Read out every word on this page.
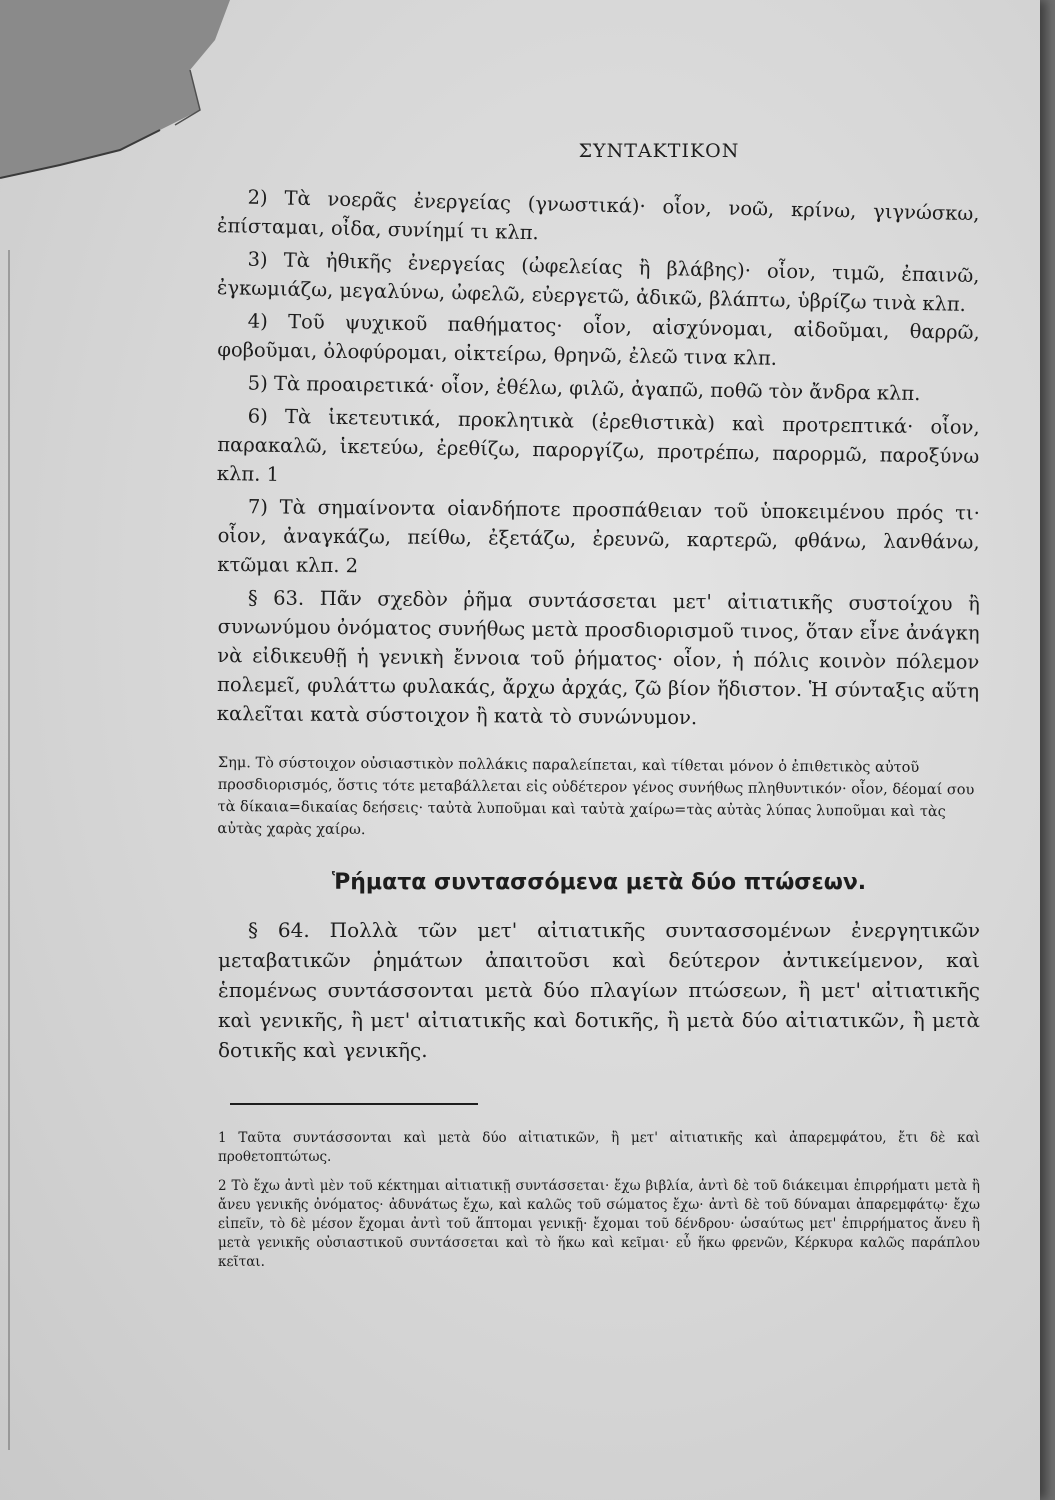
ΣΥΝΤΑΚΤΙΚΟΝ

2) Τὰ νοερᾶς ἐνεργείας (γνωστικά)· οἷον, νοῶ, κρίνω, γιγνώσκω, ἐπίσταμαι, οἶδα, συνίημί τι κλπ.

3) Τὰ ἠθικῆς ἐνεργείας (ὠφελείας ἢ βλάβης)· οἷον, τιμῶ, ἐπαινῶ, ἐγκωμιάζω, μεγαλύνω, ὠφελῶ, εὐεργετῶ, ἀδικῶ, βλάπτω, ὑβρίζω τινὰ κλπ.

4) Τοῦ ψυχικοῦ παθήματος· οἷον, αἰσχύνομαι, αἰδοῦμαι, θαρρῶ, φοβοῦμαι, ὀλοφύρομαι, οἰκτείρω, θρηνῶ, ἐλεῶ τινα κλπ.

5) Τὰ προαιρετικά· οἷον, ἐθέλω, φιλῶ, ἀγαπῶ, ποθῶ τὸν ἄνδρα κλπ.

6) Τὰ ἱκετευτικά, προκλητικὰ (ἐρεθιστικὰ) καὶ προτρεπτικά· οἷον, παρακαλῶ, ἱκετεύω, ἐρεθίζω, παροργίζω, προτρέπω, παρορμῶ, παροξύνω κλπ. 1

7) Τὰ σημαίνοντα οἱανδήποτε προσπάθειαν τοῦ ὑποκειμένου πρός τι· οἷον, ἀναγκάζω, πείθω, ἐξετάζω, ἐρευνῶ, καρτερῶ, φθάνω, λανθάνω, κτῶμαι κλπ. 2

§ 63. Πᾶν σχεδὸν ῥῆμα συντάσσεται μετ' αἰτιατικῆς συστοίχου ἢ συνωνύμου ὀνόματος συνήθως μετὰ προσδιορισμοῦ τινος, ὅταν εἶνε ἀνάγκη νὰ εἰδικευθῇ ἡ γενικὴ ἔννοια τοῦ ῥήματος· οἷον, ἡ πόλις κοινὸν πόλεμον πολεμεῖ, φυλάττω φυλακάς, ἄρχω ἀρχάς, ζῶ βίον ἥδιστον. Ἡ σύνταξις αὕτη καλεῖται κατὰ σύστοιχον ἢ κατὰ τὸ συνώνυμον.

Σημ. Τὸ σύστοιχον οὐσιαστικὸν πολλάκις παραλείπεται, καὶ τίθεται μόνον ὁ ἐπιθετικὸς αὐτοῦ προσδιορισμός, ὅστις τότε μεταβάλλεται εἰς οὐδέτερον γένος συνήθως πληθυντικόν· οἷον, δέομαί σου τὰ δίκαια=δικαίας δεήσεις· ταὐτὰ λυποῦμαι καὶ ταὐτὰ χαίρω=τὰς αὐτὰς λύπας λυποῦμαι καὶ τὰς αὐτὰς χαρὰς χαίρω.

Ῥήματα συντασσόμενα μετὰ δύο πτώσεων.

§ 64. Πολλὰ τῶν μετ' αἰτιατικῆς συντασσομένων ἐνεργητικῶν μεταβατικῶν ῥημάτων ἀπαιτοῦσι καὶ δεύτερον ἀντικείμενον, καὶ ἑπομένως συντάσσονται μετὰ δύο πλαγίων πτώσεων, ἢ μετ' αἰτιατικῆς καὶ γενικῆς, ἢ μετ' αἰτιατικῆς καὶ δοτικῆς, ἢ μετὰ δύο αἰτιατικῶν, ἢ μετὰ δοτικῆς καὶ γενικῆς.

1 Ταῦτα συντάσσονται καὶ μετὰ δύο αἰτιατικῶν, ἢ μετ' αἰτιατικῆς καὶ ἀπαρεμφάτου, ἔτι δὲ καὶ προθετοπτώτως.

2 Τὸ ἔχω ἀντὶ μὲν τοῦ κέκτημαι αἰτιατικῇ συντάσσεται· ἔχω βιβλία, ἀντὶ δὲ τοῦ διάκειμαι ἐπιρρήματι μετὰ ἢ ἄνευ γενικῆς ὀνόματος· ἀδυνάτως ἔχω, καὶ καλῶς τοῦ σώματος ἔχω· ἀντὶ δὲ τοῦ δύναμαι ἀπαρεμφάτῳ· ἔχω εἰπεῖν, τὸ δὲ μέσον ἔχομαι ἀντὶ τοῦ ἅπτομαι γενικῇ· ἔχομαι τοῦ δένδρου· ὡσαύτως μετ' ἐπιρρήματος ἄνευ ἢ μετὰ γενικῆς οὐσιαστικοῦ συντάσσεται καὶ τὸ ἥκω καὶ κεῖμαι· εὖ ἥκω φρενῶν, Κέρκυρα καλῶς παράπλου κεῖται.
